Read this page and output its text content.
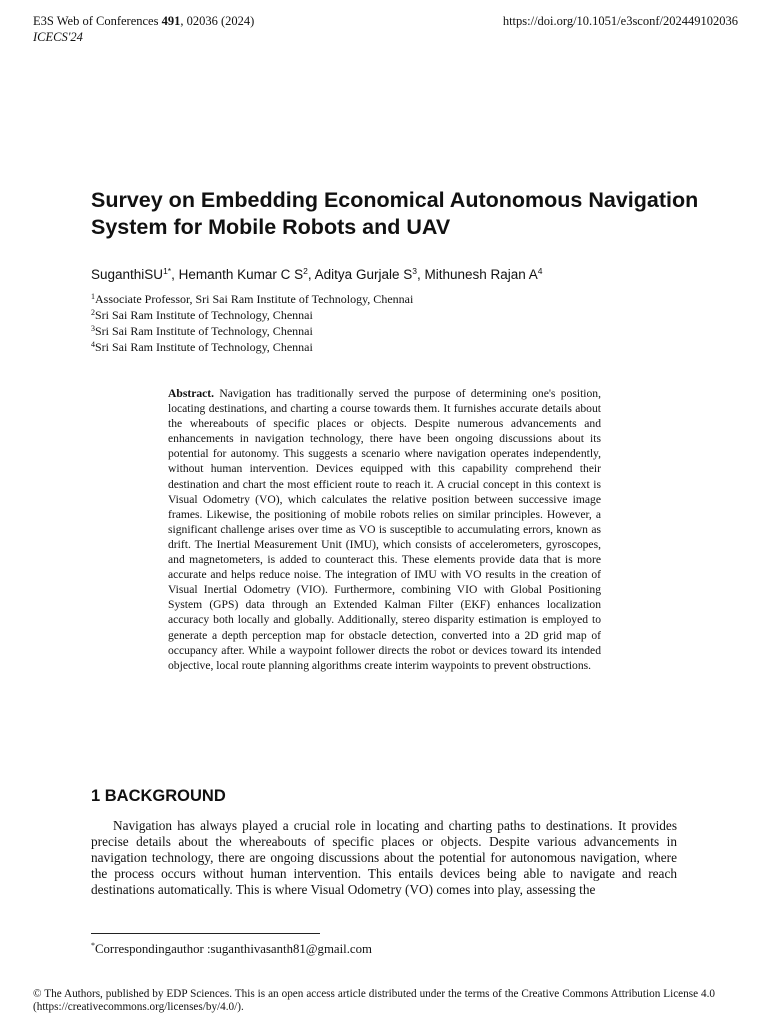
E3S Web of Conferences 491, 02036 (2024)
ICECS'24
https://doi.org/10.1051/e3sconf/202449102036
Survey on Embedding Economical Autonomous Navigation System for Mobile Robots and UAV
SuganthiSU$^{1*}$, Hemanth Kumar C $S^2$, Aditya Gurjale $S^3$, Mithunesh Rajan $A^4$
$^1$Associate Professor, Sri Sai Ram Institute of Technology, Chennai
$^2$Sri Sai Ram Institute of Technology, Chennai
$^3$Sri Sai Ram Institute of Technology, Chennai
$^4$Sri Sai Ram Institute of Technology, Chennai

Abstract. Navigation has traditionally served the purpose of determining one's position, locating destinations, and charting a course towards them. It furnishes accurate details about the whereabouts of specific places or objects. Despite numerous advancements and enhancements in navigation technology, there have been ongoing discussions about its potential for autonomy. This suggests a scenario where navigation operates independently, without human intervention. Devices equipped with this capability comprehend their destination and chart the most efficient route to reach it. A crucial concept in this context is Visual Odometry (VO), which calculates the relative position between successive image frames. Likewise, the positioning of mobile robots relies on similar principles. However, a significant challenge arises over time as VO is susceptible to accumulating errors, known as drift. The Inertial Measurement Unit (IMU), which consists of accelerometers, gyroscopes, and magnetometers, is added to counteract this. These elements provide data that is more accurate and helps reduce noise. The integration of IMU with VO results in the creation of Visual Inertial Odometry (VIO). Furthermore, combining VIO with Global Positioning System (GPS) data through an Extended Kalman Filter (EKF) enhances localization accuracy both locally and globally. Additionally, stereo disparity estimation is employed to generate a depth perception map for obstacle detection, converted into a 2D grid map of occupancy after. While a waypoint follower directs the robot or devices toward its intended objective, local route planning algorithms create interim waypoints to prevent obstructions.

1 BACKGROUND

Navigation has always played a crucial role in locating and charting paths to destinations. It provides precise details about the whereabouts of specific places or objects. Despite various advancements in navigation technology, there are ongoing discussions about the potential for autonomous navigation, where the process occurs without human intervention. This entails devices being able to navigate and reach destinations automatically. This is where Visual Odometry (VO) comes into play, assessing the

*Correspondingauthor :suganthivasanth81@gmail.com

© The Authors, published by EDP Sciences. This is an open access article distributed under the terms of the Creative Commons Attribution License 4.0 (https://creativecommons.org/licenses/by/4.0/).
